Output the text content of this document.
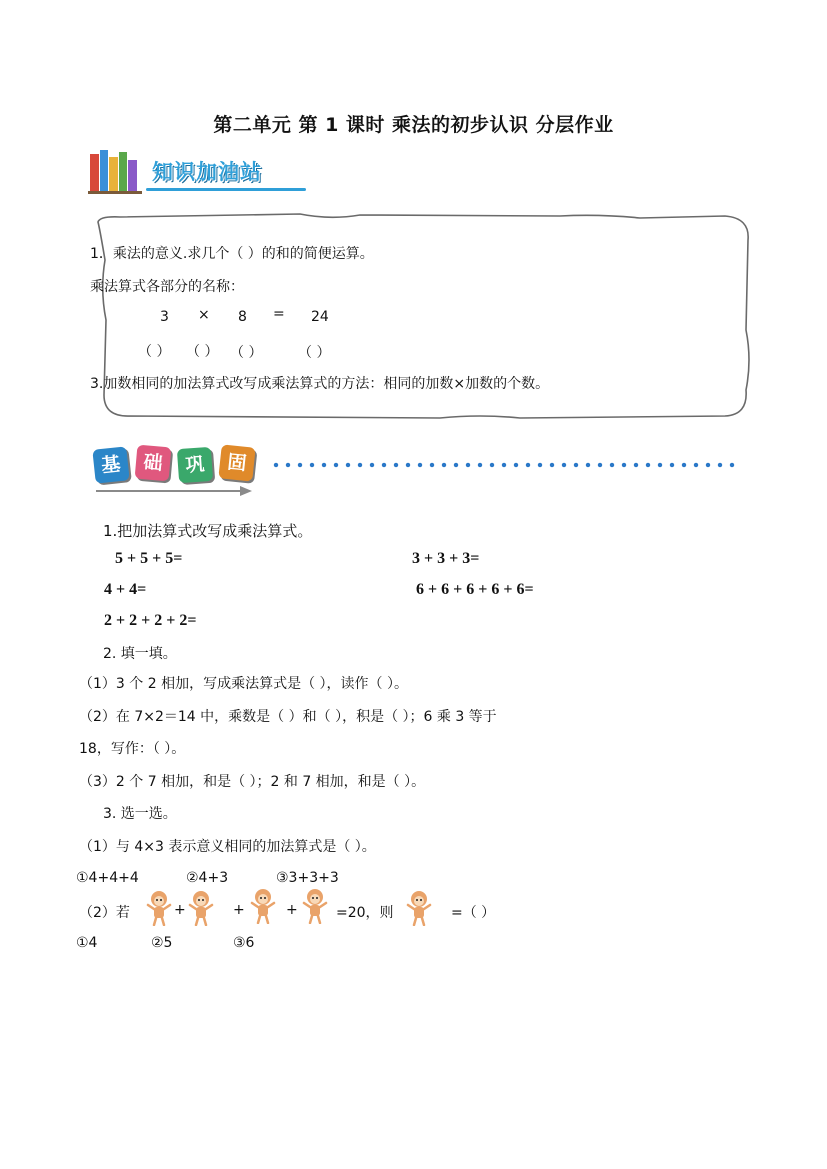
第二单元 第 1 课时 乘法的初步认识 分层作业
知识加油站
1．乘法的意义.求几个（ ）的和的简便运算。
乘法算式各部分的名称：
3 × 8 = 24
（ ） （ ） （ ）	（ ）
3.加数相同的加法算式改写成乘法算式的方法：相同的加数×加数的个数。
基	础	巩	固
1.把加法算式改写成乘法算式。
5 + 5 + 5=	3 + 3 + 3=
4 + 4=	6 + 6 + 6 + 6 + 6=
2 + 2 + 2 + 2=
2. 填一填。
（1）3 个 2 相加，写成乘法算式是（ ），读作（ ）。
（2）在 7×2＝14 中，乘数是（ ）和（ ），积是（ ）；6 乘 3 等于
18，写作：（ ）。
（3）2 个 7 相加，和是（ ）；2 和 7 相加，和是（ ）。
3. 选一选。
（1）与 4×3 表示意义相同的加法算式是（ ）。
①4+4+4	②4+3	③3+3+3
（2）若	+	+	+	=20，则	=（ ）
①4	②5	③6
